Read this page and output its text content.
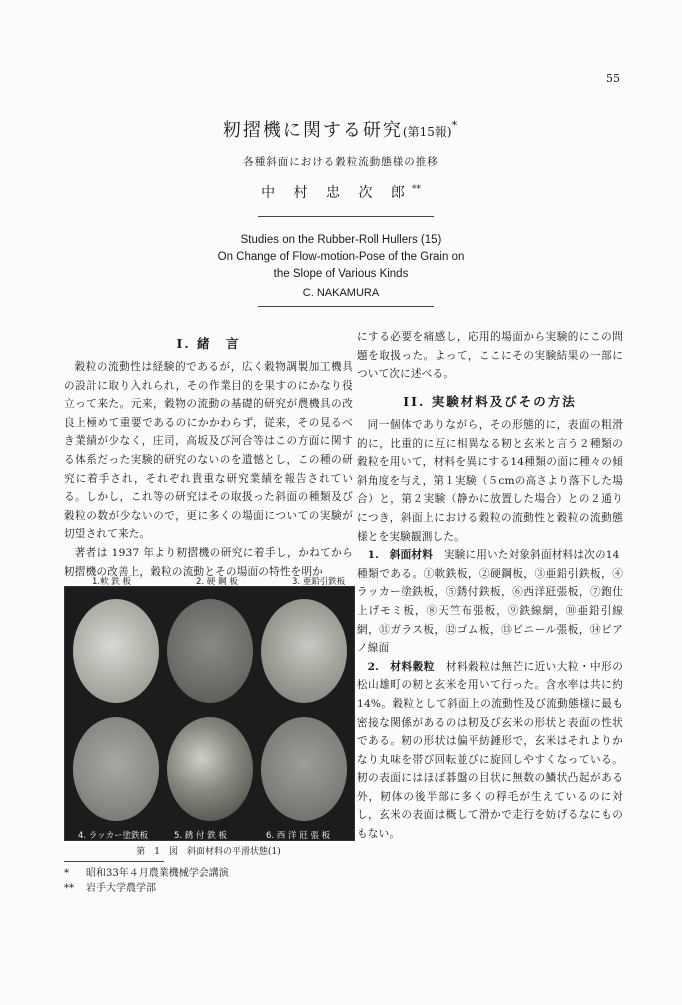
55
籾摺機に関する研究(第15報)*
各種斜面における穀粒流動態様の推移
中 村 忠 次 郎**
Studies on the Rubber-Roll Hullers (15)
On Change of Flow-motion-Pose of the Grain on
the Slope of Various Kinds
C. NAKAMURA
I. 緒　言

穀粒の流動性は経験的であるが，広く穀物調製加工機具の設計に取り入れられ，その作業目的を果すのにかなり役立って来た。元来，穀物の流動の基礎的研究が農機具の改良上極めて重要であるのにかかわらず，従来，その見るべき業績が少なく，庄司，高坂及び河合等はこの方面に関する体系だった実験的研究のないのを遺憾とし，この種の研究に着手され，それぞれ貴重な研究業績を報告されている。しかし，これ等の研究はその取扱った斜面の種類及び穀粒の数が少ないので，更に多くの場面についての実験が切望されて来た。

著者は 1937 年より籾摺機の研究に着手し，かねてから籾摺機の改善上，穀粒の流動とその場面の特性を明か

1.軟 鉄 板	2. 硬 鋼 板	3. 亜鉛引鉄板
4. ラッカー塗鉄板	5. 銹 付 鉄 板	6. 西 洋 瓩 張 板
第　1　図　斜面材料の平滑状態(1)
* 昭和33年４月農業機械学会講演
** 岩手大学農学部
にする必要を痛感し，応用的場面から実験的にこの問題を取扱った。よって，ここにその実験結果の一部について次に述べる。
II. 実験材料及びその方法

同一個体でありながら，その形態的に，表面の粗滑的に，比重的に互に相異なる籾と玄米と言う２種類の穀粒を用いて，材料を異にする14種類の面に種々の傾斜角度を与え，第１実験（５cmの高さより落下した場合）と，第２実験（静かに放置した場合）との２通りにつき，斜面上における穀粒の流動性と穀粒の流動態様とを実験観測した。

1.　斜面材料　 実験に用いた対象斜面材料は次の14

種類である。①軟鉄板，②硬鋼板，③亜鉛引鉄板，④ラッカー塗鉄板，⑤銹付鉄板，⑥西洋瓩張板，⑦鉋仕上げモミ板，⑧天竺布張板，⑨鉄線網，⑩亜鉛引線網，⑪ガラス板，⑫ゴム板，⑬ビニール張板，⑭ピアノ線面

2.　材料穀粒　 材料穀粒は無芒に近い大粒・中形の松山雄町の籾と玄米を用いて行った。含水率は共に約14%。穀粒として斜面上の流動性及び流動態様に最も密接な関係があるのは籾及び玄米の形状と表面の性状である。籾の形状は偏平紡錘形で，玄米はそれよりかなり丸味を帯び回転並びに旋回しやすくなっている。籾の表面にはほぼ碁盤の目状に無数の鱗状凸起がある外，籾体の後半部に多くの稃毛が生えているのに対し，玄米の表面は概して滑かで走行を妨げるなにものもない。
